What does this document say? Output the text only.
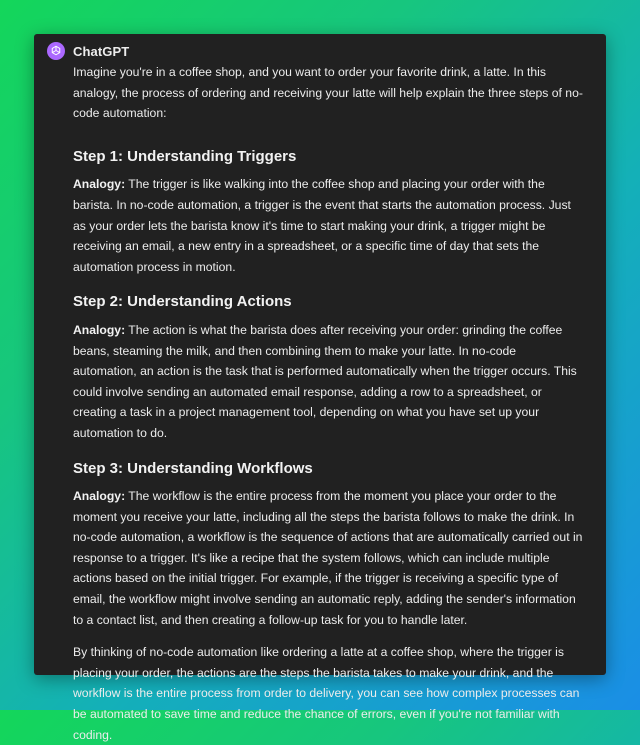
ChatGPT

Imagine you're in a coffee shop, and you want to order your favorite drink, a latte. In this analogy, the process of ordering and receiving your latte will help explain the three steps of no-code automation:

Step 1: Understanding Triggers

Analogy: The trigger is like walking into the coffee shop and placing your order with the barista. In no-code automation, a trigger is the event that starts the automation process. Just as your order lets the barista know it's time to start making your drink, a trigger might be receiving an email, a new entry in a spreadsheet, or a specific time of day that sets the automation process in motion.

Step 2: Understanding Actions

Analogy: The action is what the barista does after receiving your order: grinding the coffee beans, steaming the milk, and then combining them to make your latte. In no-code automation, an action is the task that is performed automatically when the trigger occurs. This could involve sending an automated email response, adding a row to a spreadsheet, or creating a task in a project management tool, depending on what you have set up your automation to do.

Step 3: Understanding Workflows

Analogy: The workflow is the entire process from the moment you place your order to the moment you receive your latte, including all the steps the barista follows to make the drink. In no-code automation, a workflow is the sequence of actions that are automatically carried out in response to a trigger. It's like a recipe that the system follows, which can include multiple actions based on the initial trigger. For example, if the trigger is receiving a specific type of email, the workflow might involve sending an automatic reply, adding the sender's information to a contact list, and then creating a follow-up task for you to handle later.

By thinking of no-code automation like ordering a latte at a coffee shop, where the trigger is placing your order, the actions are the steps the barista takes to make your drink, and the workflow is the entire process from order to delivery, you can see how complex processes can be automated to save time and reduce the chance of errors, even if you're not familiar with coding.
